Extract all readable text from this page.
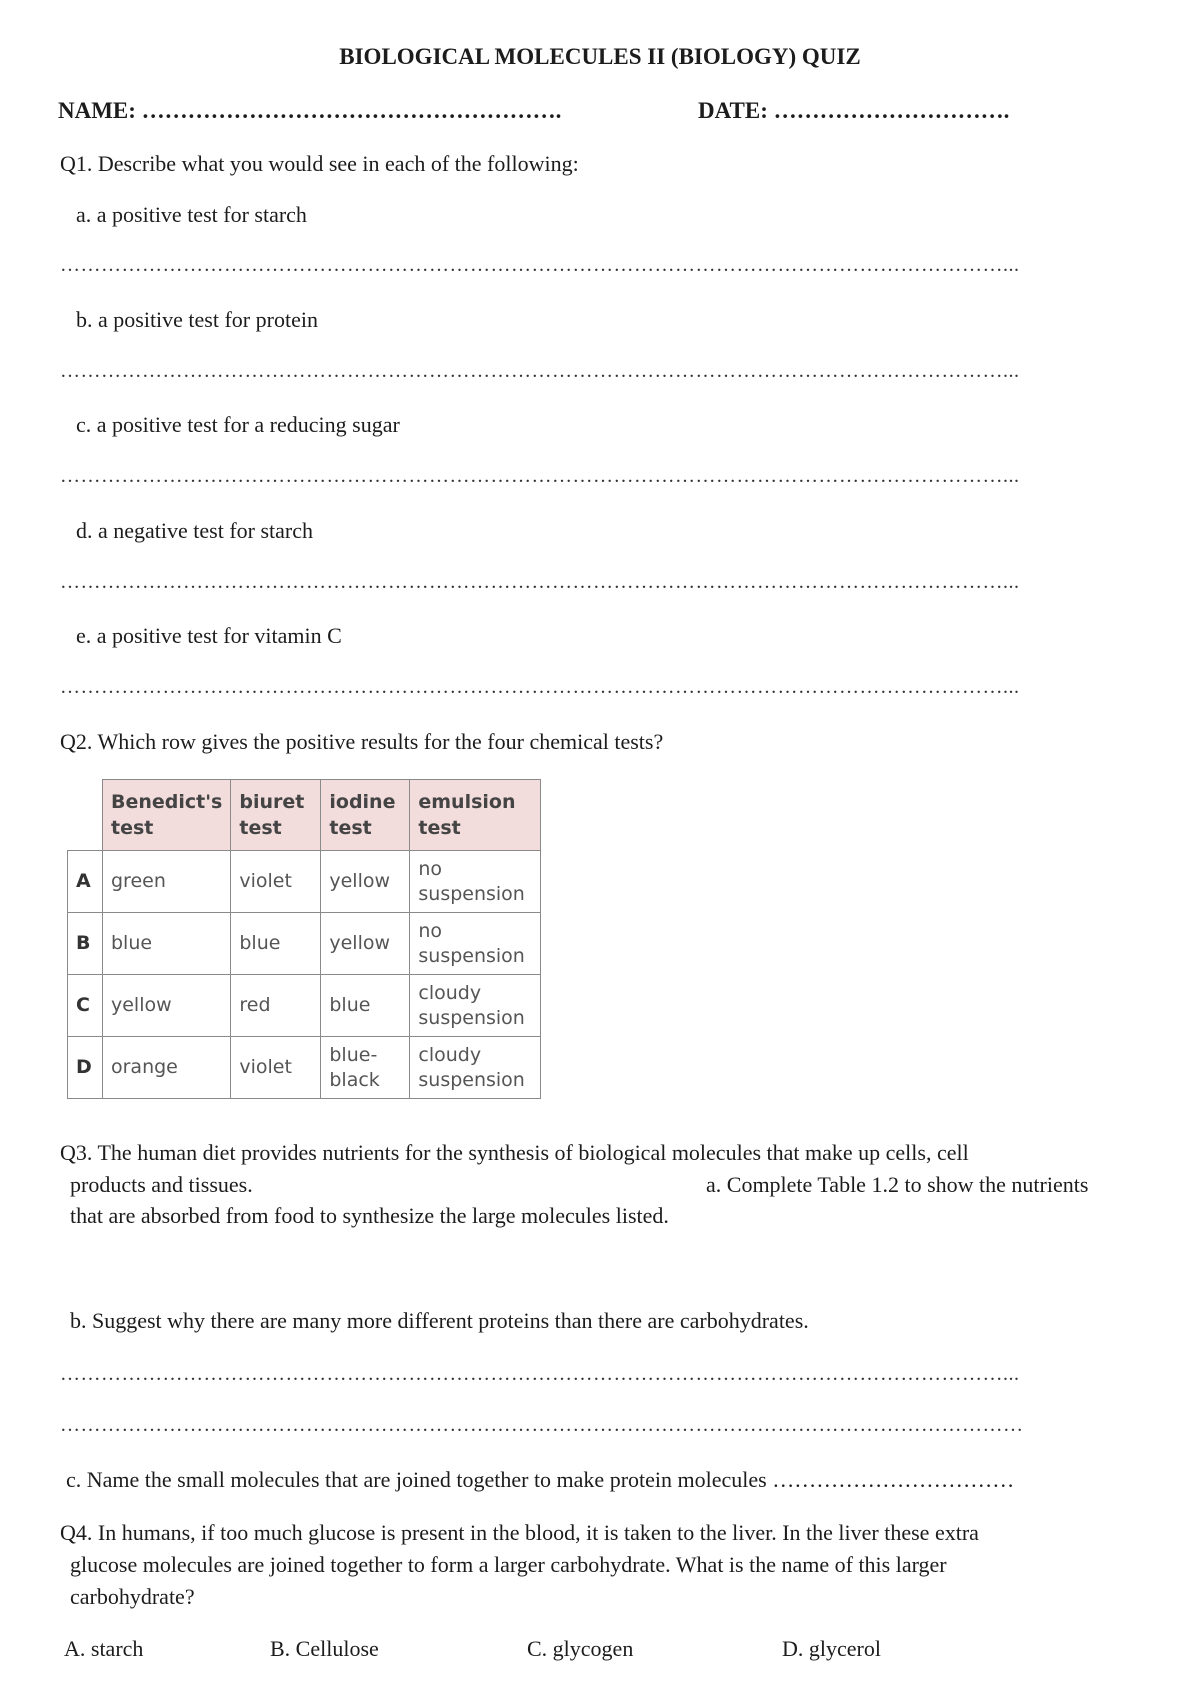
BIOLOGICAL MOLECULES II (BIOLOGY) QUIZ
NAME: ……………………………………………….	DATE: ………………………….
Q1. Describe what you would see in each of the following:
a. a positive test for starch
…………………………………………………………………………………………………………………………...
b. a positive test for protein
…………………………………………………………………………………………………………………………...
c. a positive test for a reducing sugar
…………………………………………………………………………………………………………………………...
d. a negative test for starch
…………………………………………………………………………………………………………………………...
e. a positive test for vitamin C
…………………………………………………………………………………………………………………………...
Q2. Which row gives the positive results for the four chemical tests?
	Benedict's test	biuret test	iodine test	emulsion test
A	green	violet	yellow	no suspension
B	blue	blue	yellow	no suspension
C	yellow	red	blue	cloudy suspension
D	orange	violet	blue-black	cloudy suspension
Q3. The human diet provides nutrients for the synthesis of biological molecules that make up cells, cell
products and tissues.	a. Complete Table 1.2 to show the nutrients
that are absorbed from food to synthesize the large molecules listed.
b. Suggest why there are many more different proteins than there are carbohydrates.
…………………………………………………………………………………………………………………………...
……………………………………………………………………………………………………………………………
c. Name the small molecules that are joined together to make protein molecules ……………………………
Q4. In humans, if too much glucose is present in the blood, it is taken to the liver. In the liver these extra
glucose molecules are joined together to form a larger carbohydrate. What is the name of this larger
carbohydrate?
A. starch	B. Cellulose	C. glycogen	D. glycerol
